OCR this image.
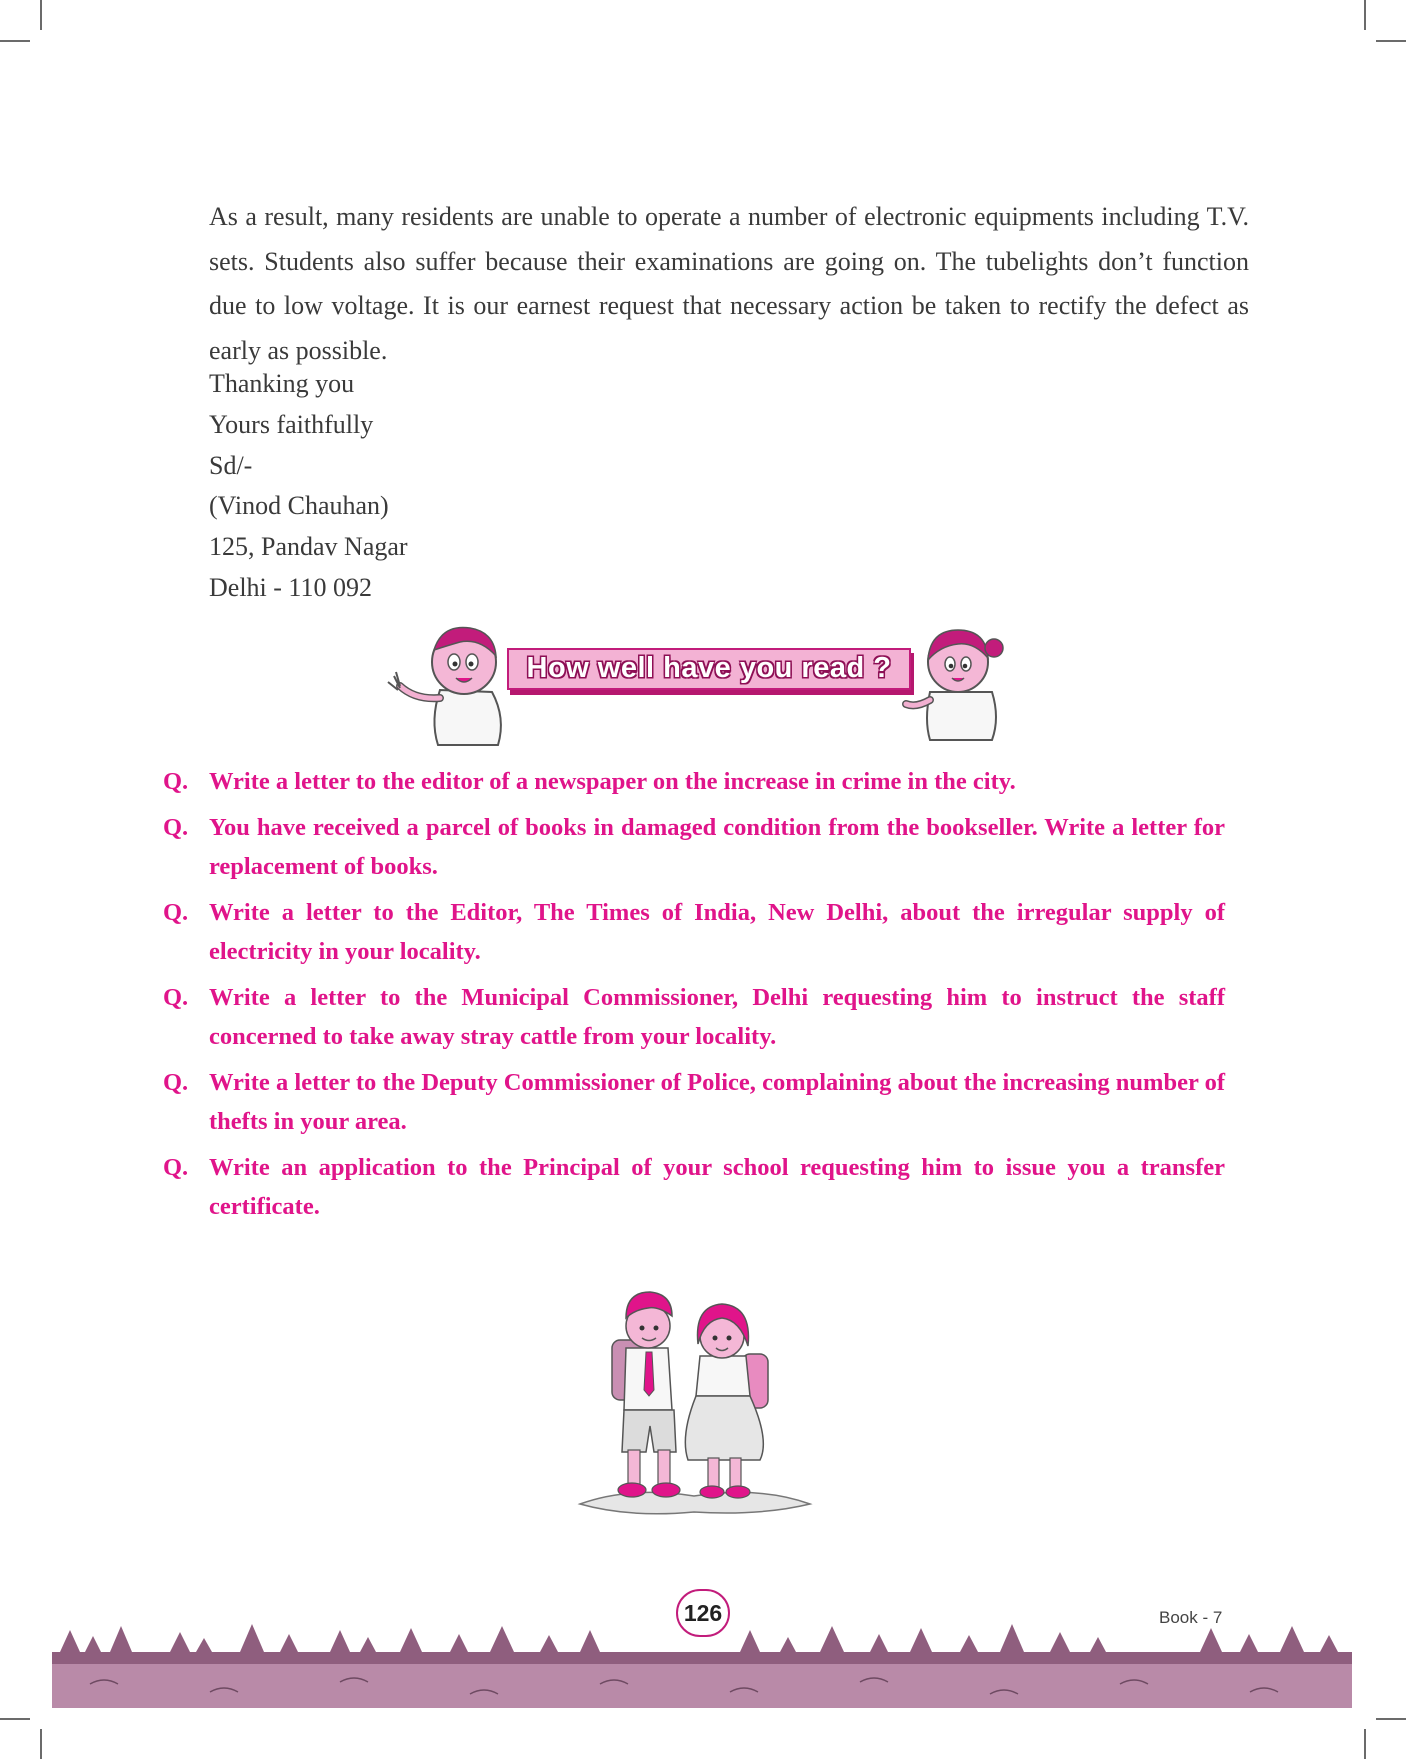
As a result, many residents are unable to operate a number of electronic equipments including T.V. sets. Students also suffer because their examinations are going on. The tubelights don’t function due to low voltage. It is our earnest request that necessary action be taken to rectify the defect as early as possible.
Thanking you
Yours faithfully
Sd/-
(Vinod Chauhan)
125, Pandav Nagar
Delhi - 110 092
How well have you read ?
Q. Write a letter to the editor of a newspaper on the increase in crime in the city.
Q. You have received a parcel of books in damaged condition from the bookseller. Write a letter for replacement of books.
Q. Write a letter to the Editor, The Times of India, New Delhi, about the irregular supply of electricity in your locality.
Q. Write a letter to the Municipal Commissioner, Delhi requesting him to instruct the staff concerned to take away stray cattle from your locality.
Q. Write a letter to the Deputy Commissioner of Police, complaining about the increasing number of thefts in your area.
Q. Write an application to the Principal of your school requesting him to issue you a transfer certificate.
126	Book - 7
